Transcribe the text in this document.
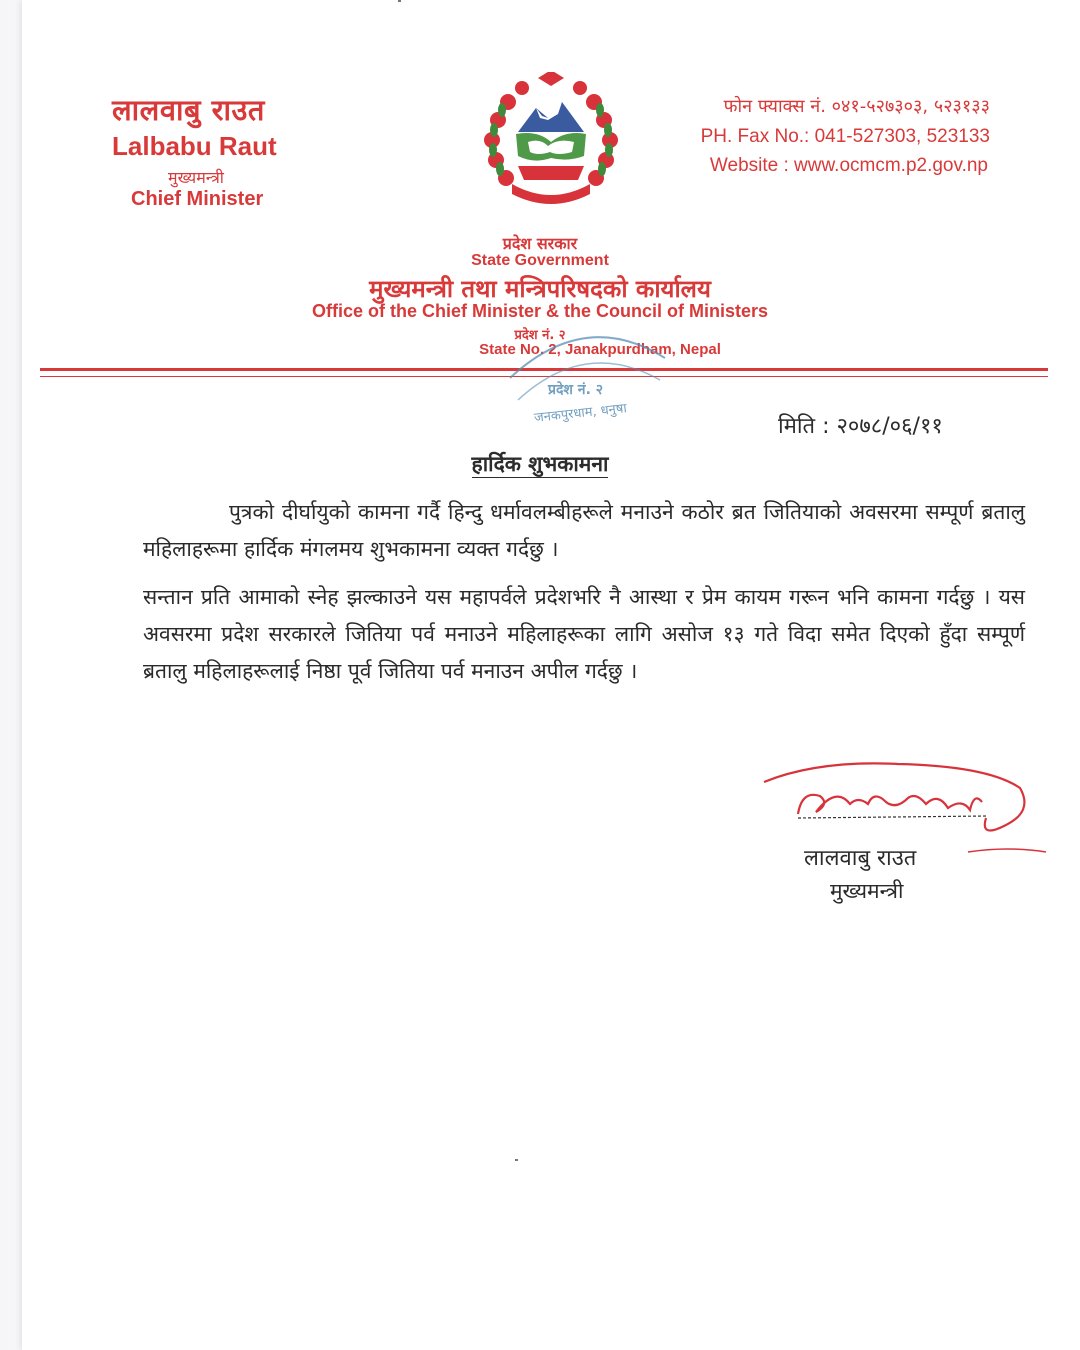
लालवाबु राउत
Lalbabu Raut
मुख्यमन्त्री
Chief Minister
फोन फ्याक्स नं. ०४१-५२७३०३, ५२३१३३
PH. Fax No.: 041-527303, 523133
Website : www.ocmcm.p2.gov.np
प्रदेश सरकार
State Government
मुख्यमन्त्री तथा मन्त्रिपरिषदको कार्यालय
Office of the Chief Minister & the Council of Ministers
प्रदेश नं. २
State No. 2, Janakpurdham, Nepal
प्रदेश नं. २
जनकपुरधाम, धनुषा
मिति : २०७८/०६/११
हार्दिक शुभकामना
पुत्रको दीर्घायुको कामना गर्दै हिन्दु धर्मावलम्बीहरूले मनाउने कठोर ब्रत जितियाको अवसरमा सम्पूर्ण ब्रतालु महिलाहरूमा हार्दिक मंगलमय शुभकामना व्यक्त गर्दछु ।
सन्तान प्रति आमाको स्नेह झल्काउने यस महापर्वले प्रदेशभरि नै आस्था र प्रेम कायम गरून भनि कामना गर्दछु । यस अवसरमा प्रदेश सरकारले जितिया पर्व मनाउने महिलाहरूका लागि असोज १३ गते विदा समेत दिएको हुँदा सम्पूर्ण ब्रतालु महिलाहरूलाई निष्ठा पूर्व जितिया पर्व मनाउन अपील गर्दछु ।
लालवाबु राउत
मुख्यमन्त्री
